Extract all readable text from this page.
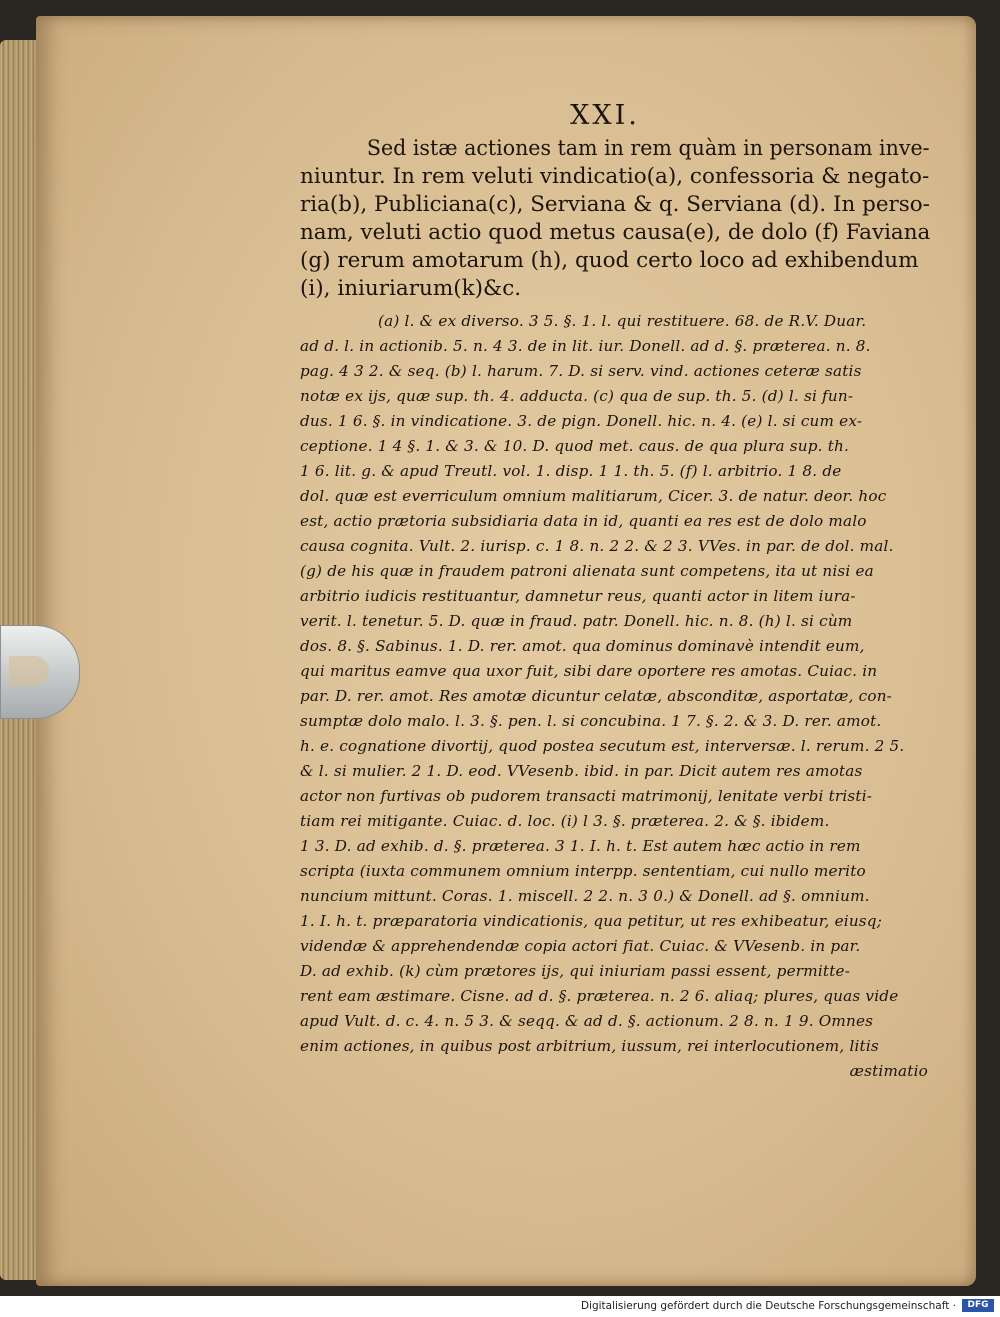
XXI.
Sed istæ actiones tam in rem quàm in personam inve-
niuntur. In rem veluti vindicatio(a), confessoria & negato-
ria(b), Publiciana(c), Serviana & q. Serviana (d). In perso-
nam, veluti actio quod metus causa(e), de dolo (f) Faviana
(g) rerum amotarum (h), quod certo loco ad exhibendum
(i), iniuriarum(k)&c.
(a) l. & ex diverso. 3 5. §. 1. l. qui restituere. 68. de R.V. Duar.
ad d. l. in actionib. 5. n. 4 3. de in lit. iur. Donell. ad d. §. præterea. n. 8.
pag. 4 3 2. & seq. (b) l. harum. 7. D. si serv. vind. actiones ceteræ satis
notæ ex ijs, quæ sup. th. 4. adducta. (c) qua de sup. th. 5. (d) l. si fun-
dus. 1 6. §. in vindicatione. 3. de pign. Donell. hic. n. 4. (e) l. si cum ex-
ceptione. 1 4 §. 1. & 3. & 10. D. quod met. caus. de qua plura sup. th.
1 6. lit. g. & apud Treutl. vol. 1. disp. 1 1. th. 5. (f) l. arbitrio. 1 8. de
dol. quæ est everriculum omnium malitiarum, Cicer. 3. de natur. deor. hoc
est, actio prætoria subsidiaria data in id, quanti ea res est de dolo malo
causa cognita. Vult. 2. iurisp. c. 1 8. n. 2 2. & 2 3. VVes. in par. de dol. mal.
(g) de his quæ in fraudem patroni alienata sunt competens, ita ut nisi ea
arbitrio iudicis restituantur, damnetur reus, quanti actor in litem iura-
verit. l. tenetur. 5. D. quæ in fraud. patr. Donell. hic. n. 8. (h) l. si cùm
dos. 8. §. Sabinus. 1. D. rer. amot. qua dominus dominavè intendit eum,
qui maritus eamve qua uxor fuit, sibi dare oportere res amotas. Cuiac. in
par. D. rer. amot. Res amotæ dicuntur celatæ, absconditæ, asportatæ, con-
sumptæ dolo malo. l. 3. §. pen. l. si concubina. 1 7. §. 2. & 3. D. rer. amot.
h. e. cognatione divortij, quod postea secutum est, interversæ. l. rerum. 2 5.
& l. si mulier. 2 1. D. eod. VVesenb. ibid. in par. Dicit autem res amotas
actor non furtivas ob pudorem transacti matrimonij, lenitate verbi tristi-
tiam rei mitigante. Cuiac. d. loc. (i) l 3. §. præterea. 2. & §. ibidem.
1 3. D. ad exhib. d. §. præterea. 3 1. I. h. t. Est autem hæc actio in rem
scripta (iuxta communem omnium interpp. sententiam, cui nullo merito
nuncium mittunt. Coras. 1. miscell. 2 2. n. 3 0.) & Donell. ad §. omnium.
1. I. h. t. præparatoria vindicationis, qua petitur, ut res exhibeatur, eiusq;
videndæ & apprehendendæ copia actori fiat. Cuiac. & VVesenb. in par.
D. ad exhib. (k) cùm prætores ijs, qui iniuriam passi essent, permitte-
rent eam æstimare. Cisne. ad d. §. præterea. n. 2 6. aliaq; plures, quas vide
apud Vult. d. c. 4. n. 5 3. & seqq. & ad d. §. actionum. 2 8. n. 1 9. Omnes
enim actiones, in quibus post arbitrium, iussum, rei interlocutionem, litis
æstimatio
Digitalisierung gefördert durch die Deutsche Forschungsgemeinschaft ·	DFG
